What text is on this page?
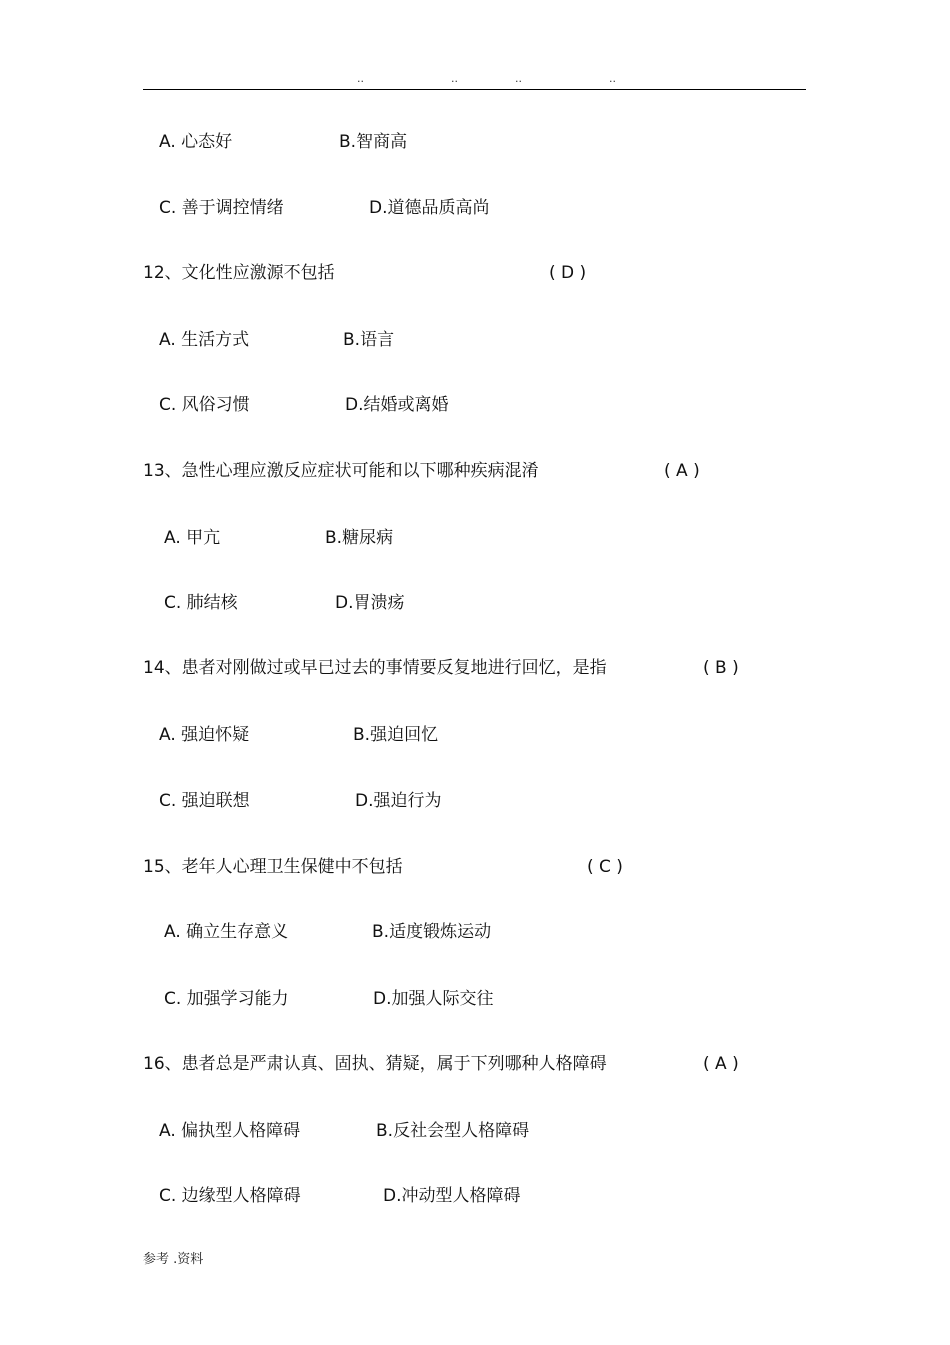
..	..	..	..
A. 心态好	B.智商高
C. 善于调控情绪	D.道德品质高尚
12、文化性应激源不包括	( D )
A. 生活方式	B.语言
C. 风俗习惯	D.结婚或离婚
13、急性心理应激反应症状可能和以下哪种疾病混淆	( A )
A. 甲亢	B.糖尿病
C. 肺结核	D.胃溃疡
14、患者对刚做过或早已过去的事情要反复地进行回忆，是指	( B )
A. 强迫怀疑	B.强迫回忆
C. 强迫联想	D.强迫行为
15、老年人心理卫生保健中不包括	( C )
A. 确立生存意义	B.适度锻炼运动
C. 加强学习能力	D.加强人际交往
16、患者总是严肃认真、固执、猜疑，属于下列哪种人格障碍	( A )
A. 偏执型人格障碍	B.反社会型人格障碍
C. 边缘型人格障碍	D.冲动型人格障碍
参考 .资料
